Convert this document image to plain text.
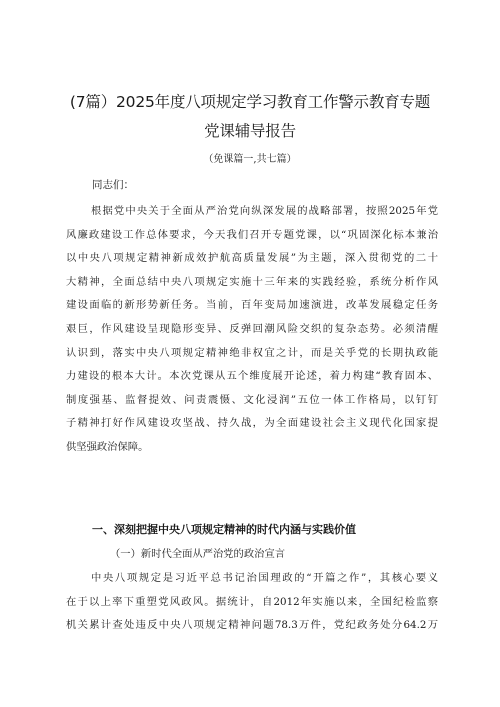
(7篇）2025年度八项规定学习教育工作警示教育专题
党课辅导报告
（免课篇一,共七篇）
同志们：
根据党中央关于全面从严治党向纵深发展的战略部署，按照2025年党
风廉政建设工作总体要求，今天我们召开专题党课，以“巩固深化标本兼治
以中央八项规定精神新成效护航高质量发展”为主题，深入贯彻党的二十
大精神，全面总结中央八项规定实施十三年来的实践经验，系统分析作风
建设面临的新形势新任务。当前，百年变局加速演进，改革发展稳定任务
艰巨，作风建设呈现隐形变异、反弹回潮风险交织的复杂态势。必须清醒
认识到，落实中央八项规定精神绝非权宜之计，而是关乎党的长期执政能
力建设的根本大计。本次党课从五个维度展开论述，着力构建“教育固本、
制度强基、监督提效、问责震慑、文化浸润”五位一体工作格局，以钉钉
子精神打好作风建设攻坚战、持久战，为全面建设社会主义现代化国家提
供坚强政治保障。
一、深刻把握中央八项规定精神的时代内涵与实践价值
（一）新时代全面从严治党的政治宣言
中央八项规定是习近平总书记治国理政的“开篇之作”，其核心要义
在于以上率下重塑党风政风。据统计，自2012年实施以来，全国纪检监察
机关累计查处违反中央八项规定精神问题78.3万件，党纪政务处分64.2万
